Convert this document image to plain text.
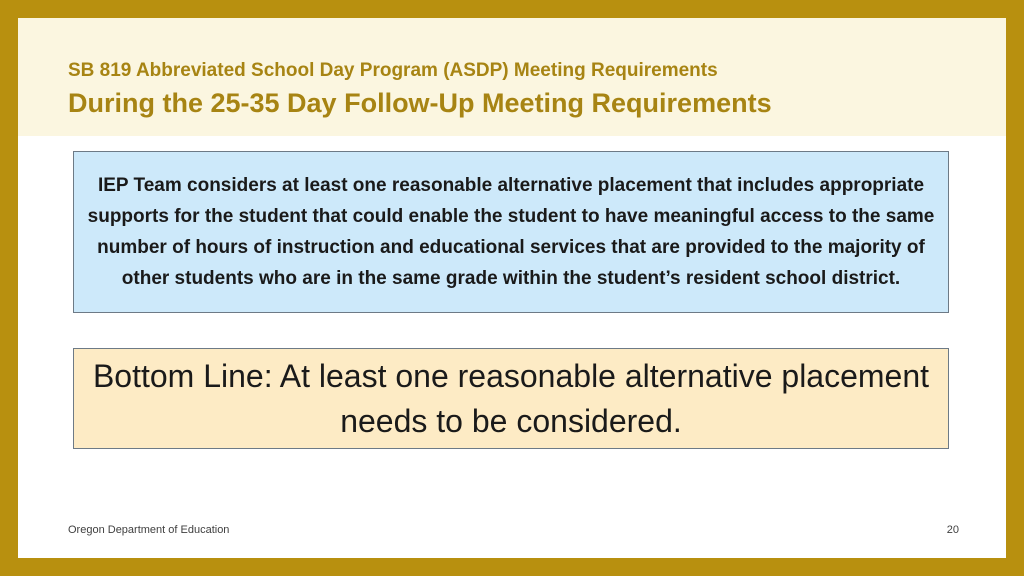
SB 819 Abbreviated School Day Program (ASDP) Meeting Requirements
During the 25-35 Day Follow-Up Meeting Requirements

IEP Team considers at least one reasonable alternative placement that includes appropriate supports for the student that could enable the student to have meaningful access to the same number of hours of instruction and educational services that are provided to the majority of other students who are in the same grade within the student’s resident school district.

Bottom Line: At least one reasonable alternative placement needs to be considered.

Oregon Department of Education	20
